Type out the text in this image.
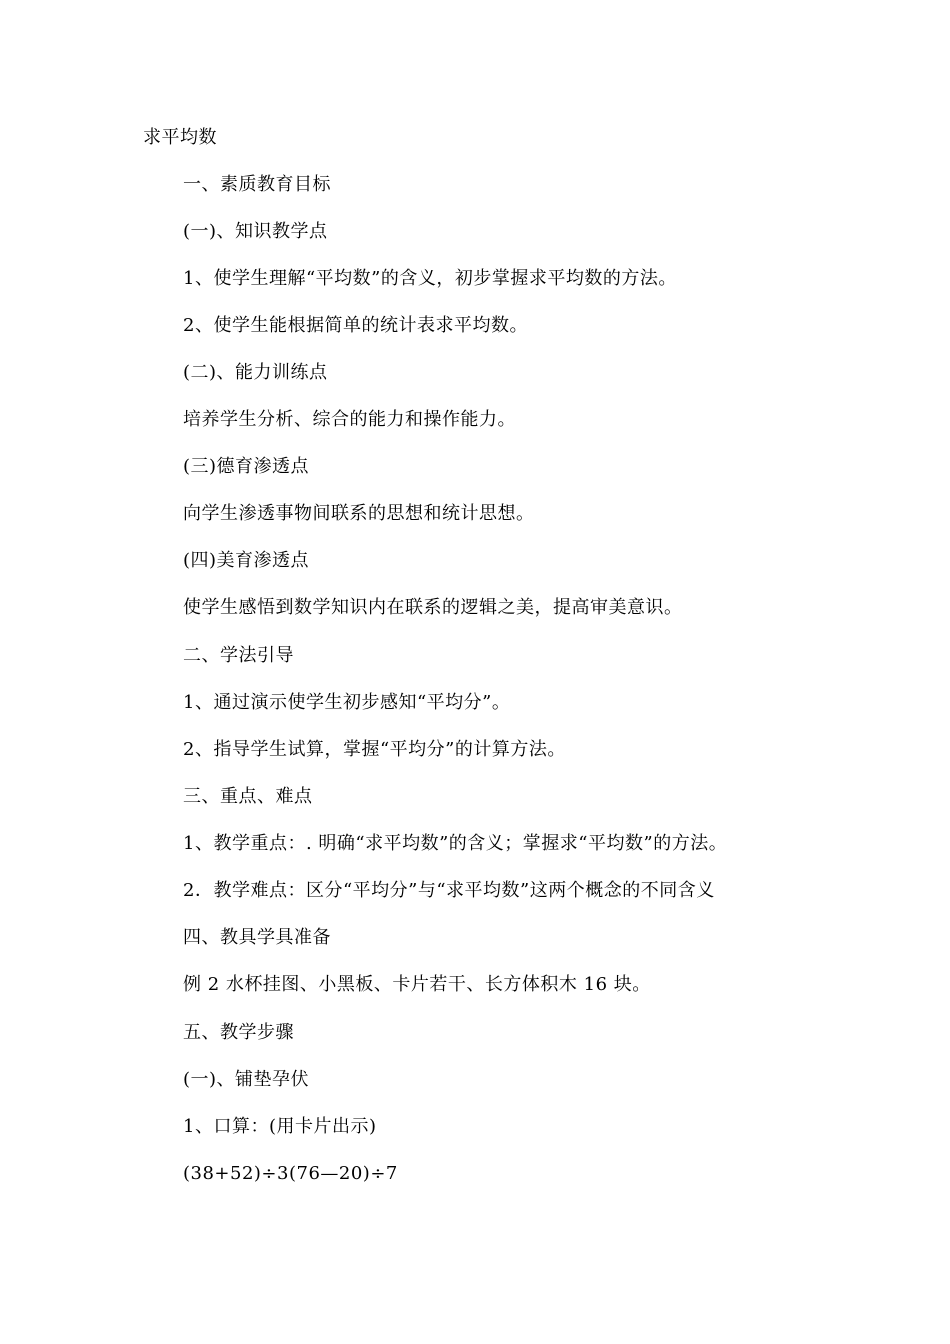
求平均数
一、素质教育目标
(一)、知识教学点
1、使学生理解“平均数”的含义，初步掌握求平均数的方法。
2、使学生能根据简单的统计表求平均数。
(二)、能力训练点
培养学生分析、综合的能力和操作能力。
(三)德育渗透点
向学生渗透事物间联系的思想和统计思想。
(四)美育渗透点
使学生感悟到数学知识内在联系的逻辑之美，提高审美意识。
二、学法引导
1、通过演示使学生初步感知“平均分”。
2、指导学生试算，掌握“平均分”的计算方法。
三、重点、难点
1、教学重点：. 明确“求平均数”的含义；掌握求“平均数”的方法。
2．教学难点：区分“平均分”与“求平均数”这两个概念的不同含义
四、教具学具准备
例 2 水杯挂图、小黑板、卡片若干、长方体积木 16 块。
五、教学步骤
(一)、铺垫孕伏
1、口算：(用卡片出示)
(38+52)÷3(76—20)÷7
